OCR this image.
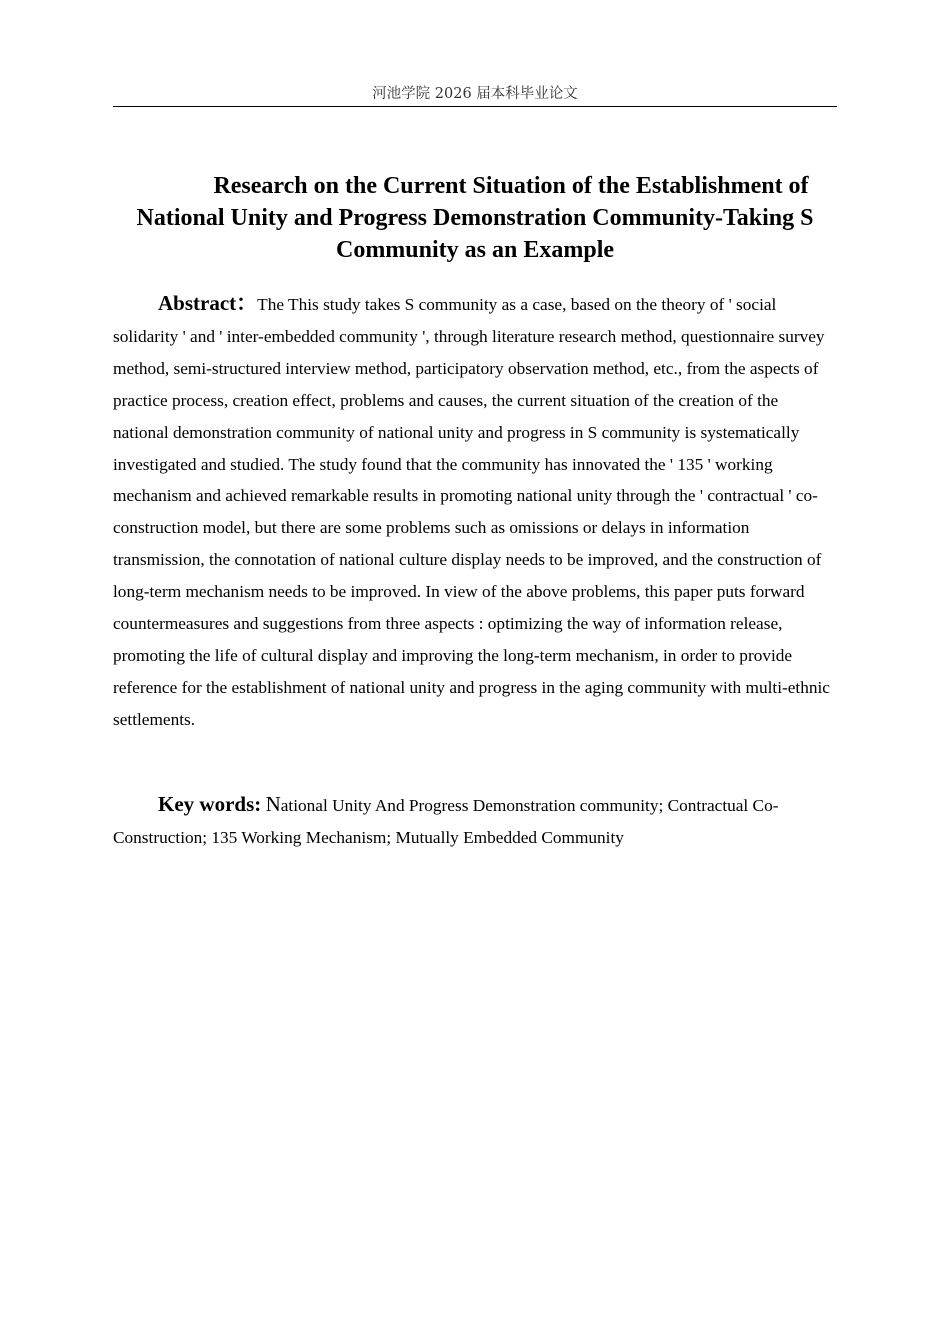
河池学院 2026 届本科毕业论文
Research on the Current Situation of the Establishment of
National Unity and Progress Demonstration Community-Taking S
Community as an Example

Abstract：The This study takes S community as a case, based on the theory of ' social solidarity ' and ' inter-embedded community ', through literature research method, questionnaire survey method, semi-structured interview method, participatory observation method, etc., from the aspects of practice process, creation effect, problems and causes, the current situation of the creation of the national demonstration community of national unity and progress in S community is systematically investigated and studied. The study found that the community has innovated the ' 135 ' working mechanism and achieved remarkable results in promoting national unity through the ' contractual ' co-construction model, but there are some problems such as omissions or delays in information transmission, the connotation of national culture display needs to be improved, and the construction of long-term mechanism needs to be improved. In view of the above problems, this paper puts forward countermeasures and suggestions from three aspects : optimizing the way of information release, promoting the life of cultural display and improving the long-term mechanism, in order to provide reference for the establishment of national unity and progress in the aging community with multi-ethnic settlements.

Key words: National Unity And Progress Demonstration community; Contractual Co-Construction; 135 Working Mechanism; Mutually Embedded Community
